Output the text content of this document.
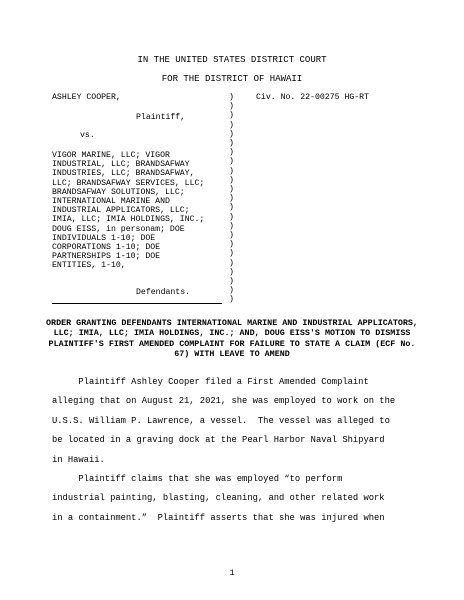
IN THE UNITED STATES DISTRICT COURT
FOR THE DISTRICT OF HAWAII
ASHLEY COOPER,
Plaintiff,
vs.
VIGOR MARINE, LLC; VIGOR
INDUSTRIAL, LLC; BRANDSAFWAY
INDUSTRIES, LLC; BRANDSAFWAY,
LLC; BRANDSAFWAY SERVICES, LLC;
BRANDSAFWAY SOLUTIONS, LLC;
INTERNATIONAL MARINE AND
INDUSTRIAL APPLICATORS, LLC;
IMIA, LLC; IMIA HOLDINGS, INC.;
DOUG EISS, in personam; DOE
INDIVIDUALS 1-10; DOE
CORPORATIONS 1-10; DOE
PARTNERSHIPS 1-10; DOE
ENTITIES, 1-10,
Defendants.
)
)
)
)
)
)
)
)
)
)
)
)
)
)
)
)
)
)
)
)
)
)
)
Civ. No. 22-00275 HG-RT
ORDER GRANTING DEFENDANTS INTERNATIONAL MARINE AND INDUSTRIAL APPLICATORS, LLC; IMIA, LLC; IMIA HOLDINGS, INC.; AND, DOUG EISS'S MOTION TO DISMISS PLAINTIFF'S FIRST AMENDED COMPLAINT FOR FAILURE TO STATE A CLAIM (ECF No. 67) WITH LEAVE TO AMEND
Plaintiff Ashley Cooper filed a First Amended Complaint
alleging that on August 21, 2021, she was employed to work on the
U.S.S. William P. Lawrence, a vessel.  The vessel was alleged to
be located in a graving dock at the Pearl Harbor Naval Shipyard
in Hawaii.
Plaintiff claims that she was employed “to perform
industrial painting, blasting, cleaning, and other related work
in a containment.”  Plaintiff asserts that she was injured when
1
